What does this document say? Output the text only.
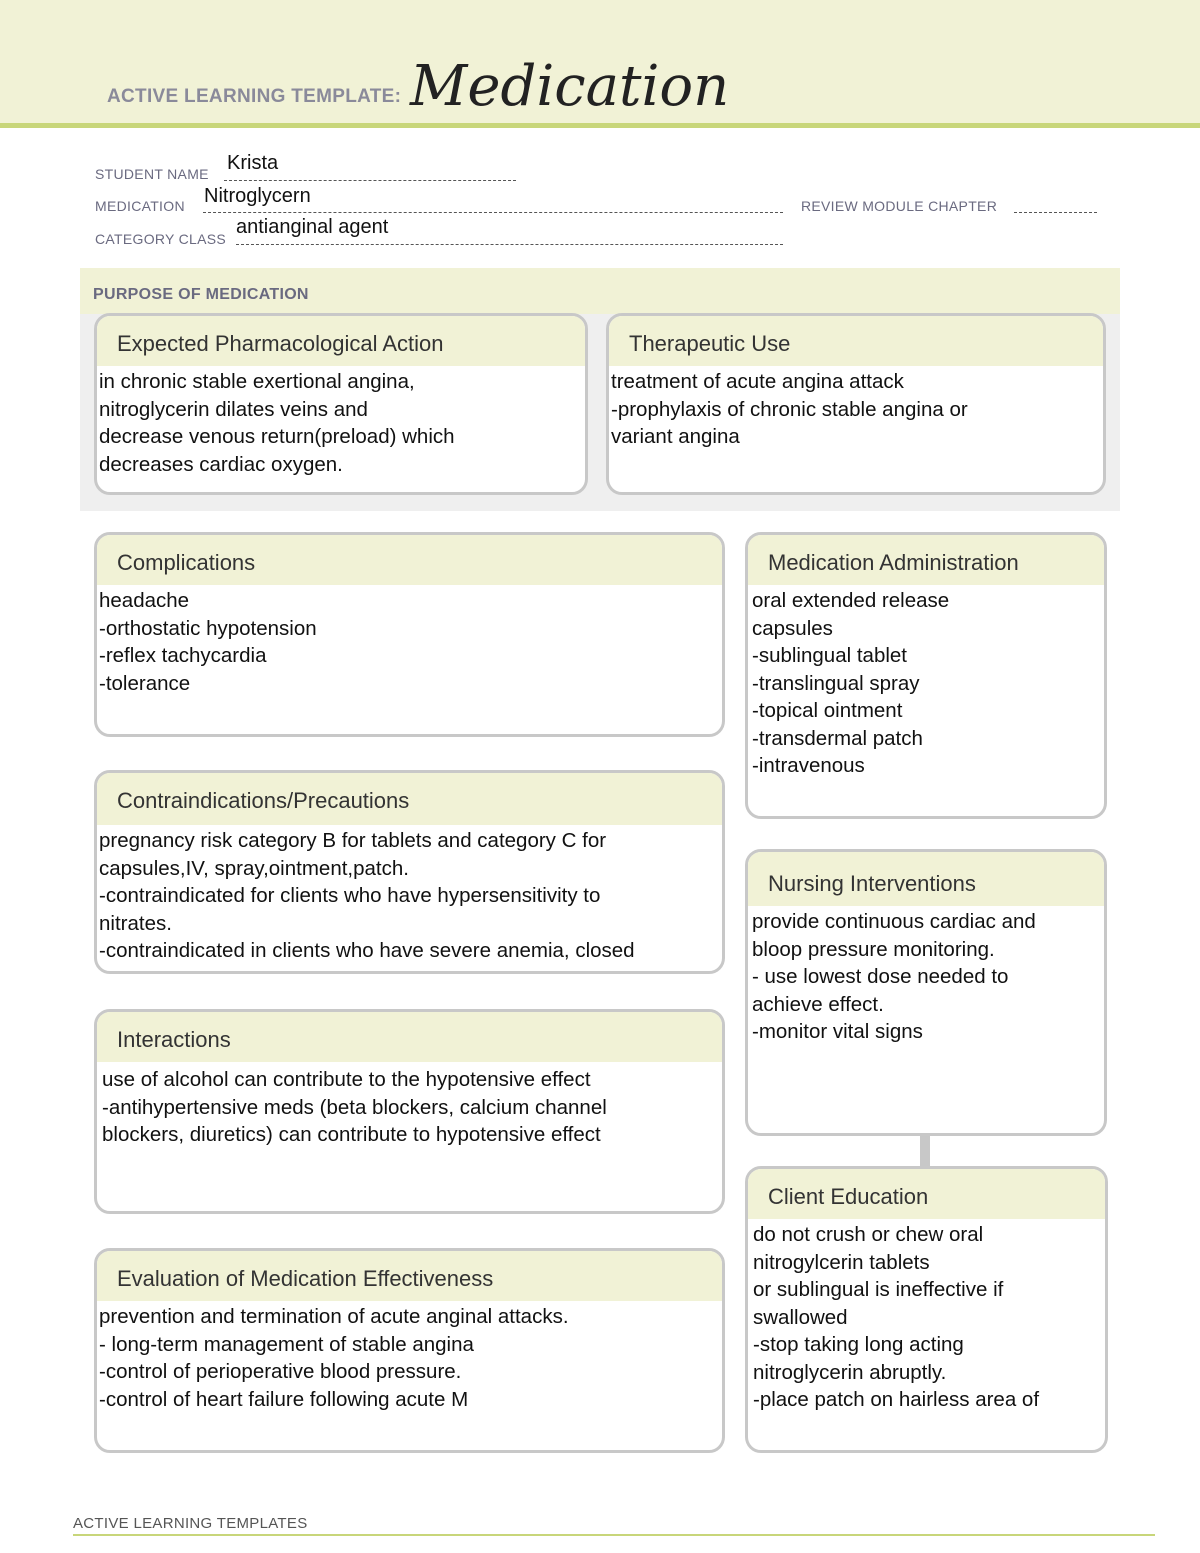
ACTIVE LEARNING TEMPLATE: Medication
STUDENT NAME Krista
MEDICATION Nitroglycern	REVIEW MODULE CHAPTER
CATEGORY CLASS
antianginal agent
PURPOSE OF MEDICATION
Expected Pharmacological Action
in chronic stable exertional angina,
nitroglycerin dilates veins and
decrease venous return(preload) which
decreases cardiac oxygen.
Therapeutic Use
treatment of acute angina attack
-prophylaxis of chronic stable angina or
variant angina
Complications
headache
-orthostatic hypotension
-reflex tachycardia
-tolerance
Contraindications/Precautions
pregnancy risk category B for tablets and category C for
capsules,IV, spray,ointment,patch.
-contraindicated for clients who have hypersensitivity to
nitrates.
-contraindicated in clients who have severe anemia, closed
Interactions
use of alcohol can contribute to the hypotensive effect
-antihypertensive meds (beta blockers, calcium channel
blockers, diuretics) can contribute to hypotensive effect
Evaluation of Medication Effectiveness
prevention and termination of acute anginal attacks.
- long-term management of stable angina
-control of perioperative blood pressure.
-control of heart failure following acute M
Medication Administration
oral extended release
capsules
-sublingual tablet
-translingual spray
-topical ointment
-transdermal patch
-intravenous
Nursing Interventions
provide continuous cardiac and
bloop pressure monitoring.
- use lowest dose needed to
achieve effect.
-monitor vital signs
Client Education
do not crush or chew oral
nitrogylcerin tablets
or sublingual is ineffective if
swallowed
-stop taking long acting
nitroglycerin abruptly.
-place patch on hairless area of
ACTIVE LEARNING TEMPLATES
